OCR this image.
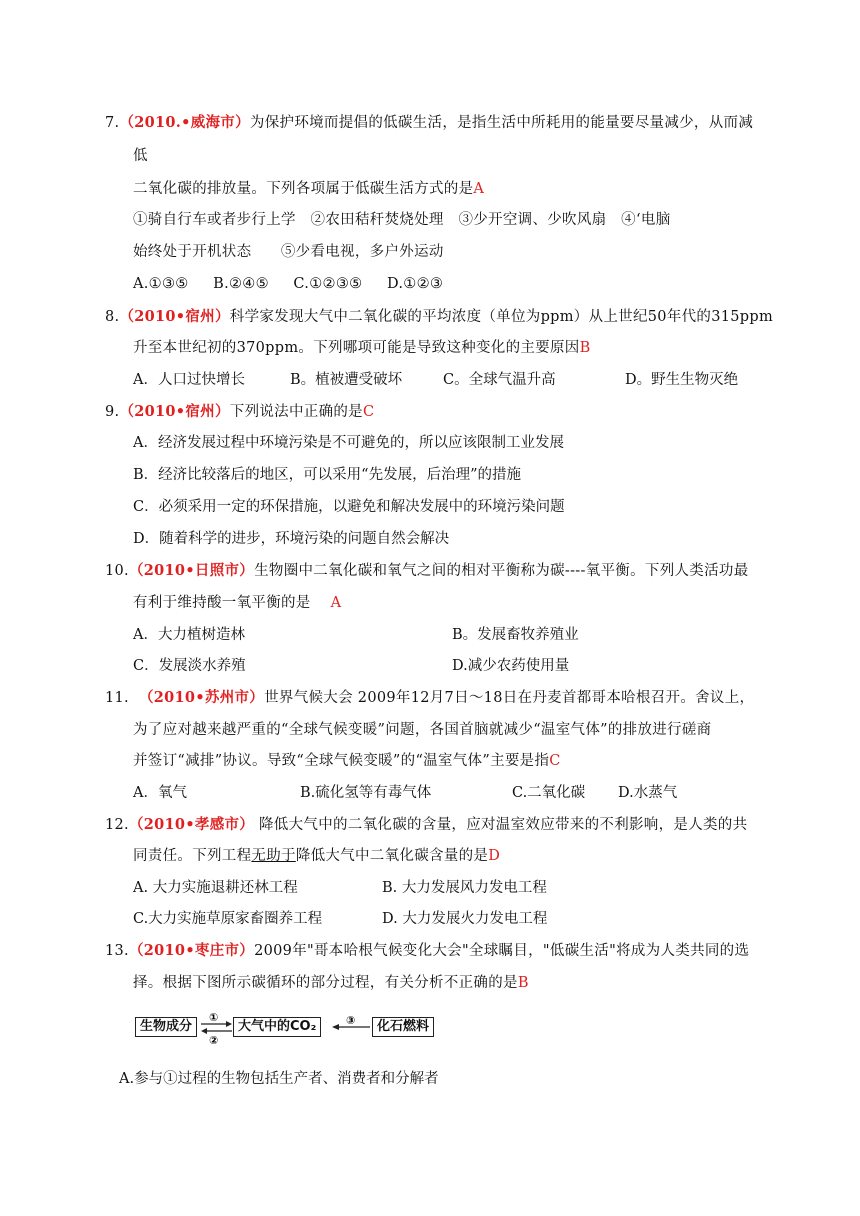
7.（2010.•威海市）为保护环境而提倡的低碳生活，是指生活中所耗用的能量要尽量减少，从而减
低
二氧化碳的排放量。下列各项属于低碳生活方式的是A
①骑自行车或者步行上学   ②农田秸秆焚烧处理   ③少开空调、少吹风扇   ④‘电脑
始终处于开机状态      ⑤少看电视，多户外运动
A.①③⑤     B.②④⑤     C.①②③⑤     D.①②③
8.（2010•宿州）科学家发现大气中二氧化碳的平均浓度（单位为ppm）从上世纪50年代的315ppm
升至本世纪初的370ppm。下列哪项可能是导致这种变化的主要原因B
A．人口过快增长	B。植被遭受破坏	C。全球气温升高	D。野生生物灭绝
9.（2010•宿州）下列说法中正确的是C
A．经济发展过程中环境污染是不可避免的，所以应该限制工业发展
B．经济比较落后的地区，可以采用“先发展，后治理”的措施
C．必须采用一定的环保措施，以避免和解决发展中的环境污染问题
D．随着科学的进步，环境污染的问题自然会解决
10.（2010•日照市）生物圈中二氧化碳和氧气之间的相对平衡称为碳----氧平衡。下列人类活功最
有利于维持酸一氧平衡的是 A
A．大力植树造林	B。发展畜牧养殖业
C．发展淡水养殖	D.减少农药使用量
11. （2010•苏州市）世界气候大会 2009年12月7日～18日在丹麦首都哥本哈根召开。舍议上，
为了应对越来越严重的“全球气候变暖”问题，各国首脑就减少“温室气体”的排放进行磋商
并签订“减排”协议。导致“全球气候变暖”的“温室气体”主要是指C
A．氧气	B.硫化氢等有毒气体	C.二氧化碳 D.水蒸气
12.（2010•孝感市） 降低大气中的二氧化碳的含量，应对温室效应带来的不利影响，是人类的共
同责任。下列工程无助于降低大气中二氧化碳含量的是D
A. 大力实施退耕还林工程	B. 大力发展风力发电工程
C.大力实施草原家畜圈养工程	D. 大力发展火力发电工程
13.（2010•枣庄市）2009年"哥本哈根气候变化大会"全球瞩目，"低碳生活"将成为人类共同的选
择。根据下图所示碳循环的部分过程，有关分析不正确的是B
生物成分	大气中的CO₂	化石燃料
①
②
③
A.参与①过程的生物包括生产者、消费者和分解者
